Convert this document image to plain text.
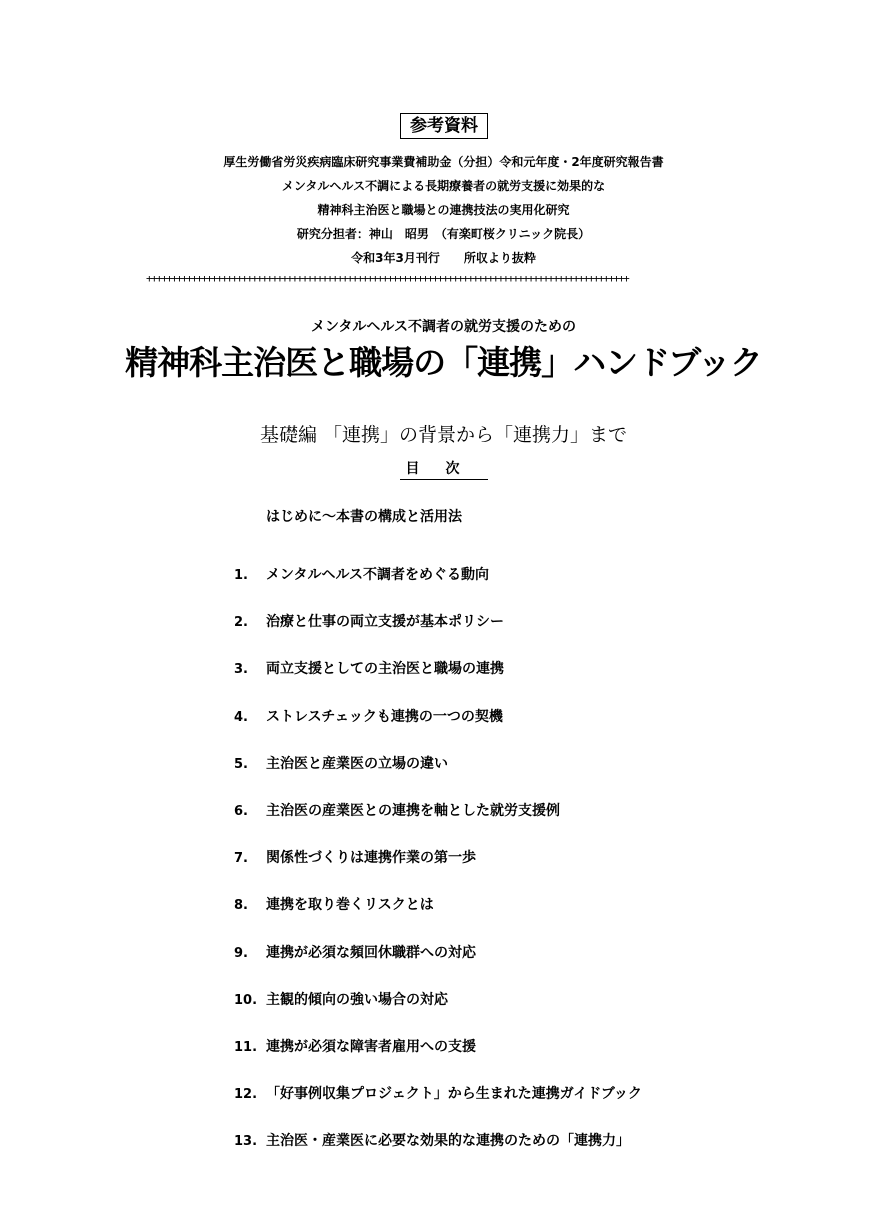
参考資料
厚生労働省労災疾病臨床研究事業費補助金（分担）令和元年度・2年度研究報告書
メンタルヘルス不調による長期療養者の就労支援に効果的な
精神科主治医と職場との連携技法の実用化研究
研究分担者：神山　昭男　（有楽町桜クリニック院長）
令和3年3月刊行　　所収より抜粋
++++++++++++++++++++++++++++++++++++++++++++++++++++++++++++++++++++++++++++++++++++++++++++++++
メンタルヘルス不調者の就労支援のための
精神科主治医と職場の「連携」ハンドブック
基礎編 「連携」の背景から「連携力」まで
目次
はじめに～本書の構成と活用法
1. メンタルヘルス不調者をめぐる動向
2. 治療と仕事の両立支援が基本ポリシー
3. 両立支援としての主治医と職場の連携
4. ストレスチェックも連携の一つの契機
5. 主治医と産業医の立場の違い
6. 主治医の産業医との連携を軸とした就労支援例
7. 関係性づくりは連携作業の第一歩
8. 連携を取り巻くリスクとは
9. 連携が必須な頻回休職群への対応
10. 主観的傾向の強い場合の対応
11. 連携が必須な障害者雇用への支援
12. 「好事例収集プロジェクト」から生まれた連携ガイドブック
13. 主治医・産業医に必要な効果的な連携のための「連携力」
